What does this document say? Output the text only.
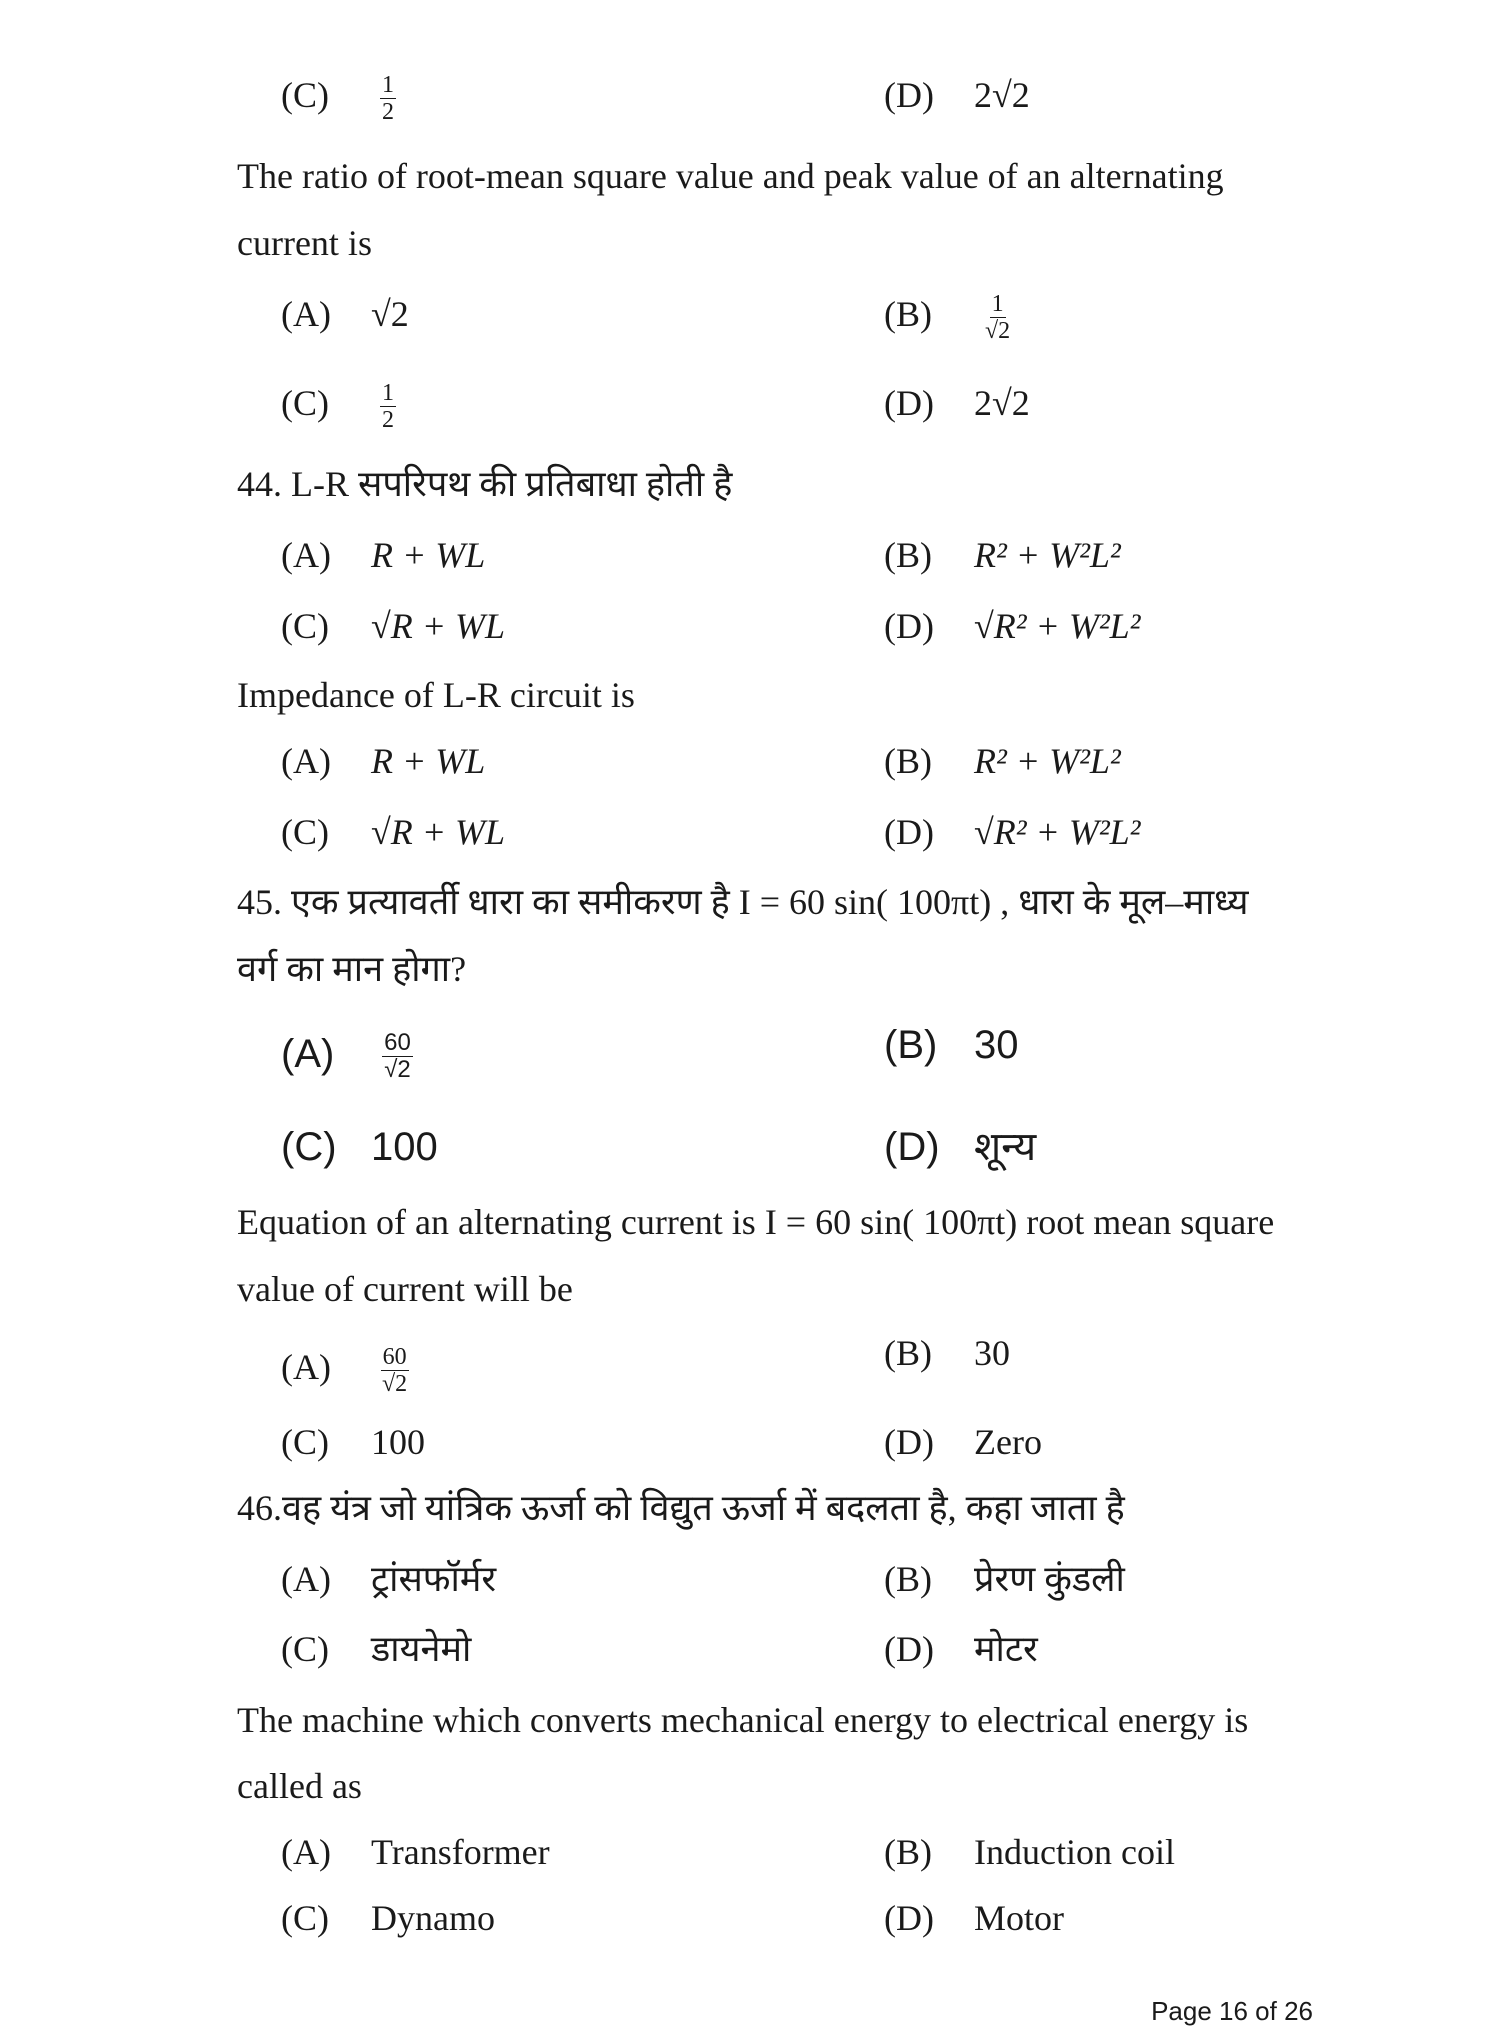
$(C) \frac{1}{2}$	(D) 2√2
The ratio of root-mean square value and peak value of an alternating
current is
(A) √2	$(B) \frac{1}{√2}$
$(C) \frac{1}{2}$	(D) 2√2
44. L-R सपरिपथ की प्रतिबाधा होती है
(A) R + WL	(B) R² + W²L²
(C) √R + WL	(D) √R² + W²L²
Impedance of L-R circuit is
(A) R + WL	(B) R² + W²L²
(C) √R + WL	(D) √R² + W²L²
45. एक प्रत्यावर्ती धारा का समीकरण है I = 60 sin( 100πt) , धारा के मूल–माध्य
वर्ग का मान होगा?
$(A) \frac{60}{√2}$	(B) 30
(C) 100	(D) शून्य
Equation of an alternating current is I = 60 sin( 100πt) root mean square
value of current will be
$(A) \frac{60}{√2}$	(B) 30
(C) 100	(D) Zero
46.वह यंत्र जो यांत्रिक ऊर्जा को विद्युत ऊर्जा में बदलता है, कहा जाता है
(A) ट्रांसफॉर्मर	(B) प्रेरण कुंडली
(C) डायनेमो	(D) मोटर
The machine which converts mechanical energy to electrical energy is
called as
(A) Transformer	(B) Induction coil
(C) Dynamo	(D) Motor
Page 16 of 26
